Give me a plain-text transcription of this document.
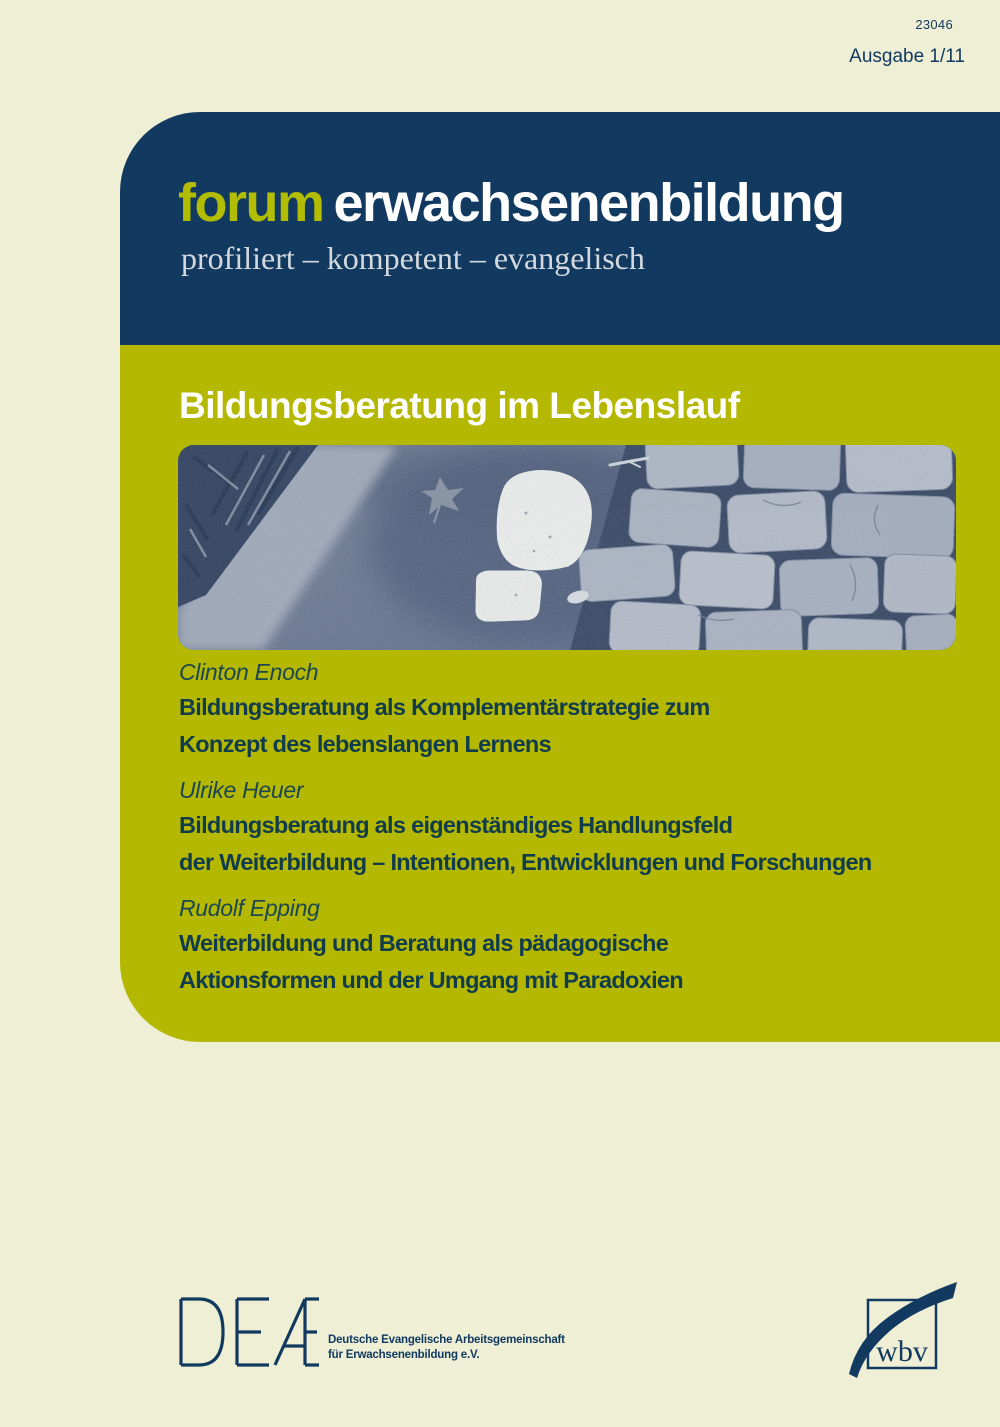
23046
Ausgabe 1/11
forum erwachsenenbildung
profiliert – kompetent – evangelisch
Bildungsberatung im Lebenslauf
Clinton Enoch
Bildungsberatung als Komplementärstrategie zum
Konzept des lebenslangen Lernens
Ulrike Heuer
Bildungsberatung als eigenständiges Handlungsfeld
der Weiterbildung – Intentionen, Entwicklungen und Forschungen
Rudolf Epping
Weiterbildung und Beratung als pädagogische
Aktionsformen und der Umgang mit Paradoxien
Deutsche Evangelische Arbeitsgemeinschaft
für Erwachsenenbildung e.V.	wbv
